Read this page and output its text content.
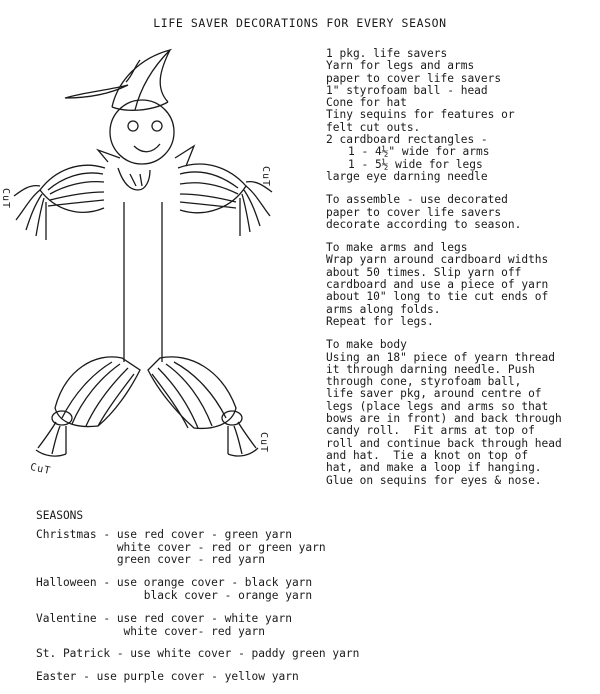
LIFE SAVER DECORATIONS FOR EVERY SEASON
CuT
CuT
CuT
CuT
1 pkg. life savers
Yarn for legs and arms
paper to cover life savers
1" styrofoam ball - head
Cone for hat
Tiny sequins for features or
felt cut outs.
2 cardboard rectangles -
1 - 4½" wide for arms
1 - 5½ wide for legs
large eye darning needle
To assemble - use decorated
paper to cover life savers
decorate according to season.
To make arms and legs
Wrap yarn around cardboard widths
about 50 times. Slip yarn off
cardboard and use a piece of yarn
about 10" long to tie cut ends of
arms along folds.
Repeat for legs.
To make body
Using an 18" piece of yearn thread
it through darning needle. Push
through cone, styrofoam ball,
life saver pkg, around centre of
legs (place legs and arms so that
bows are in front) and back through
candy roll.  Fit arms at top of
roll and continue back through head
and hat.  Tie a knot on top of
hat, and make a loop if hanging.
Glue on sequins for eyes & nose.
SEASONS
Christmas - use red cover - green yarn
white cover - red or green yarn
green cover - red yarn
Halloween - use orange cover - black yarn
black cover - orange yarn
Valentine - use red cover - white yarn
white cover- red yarn
St. Patrick - use white cover - paddy green yarn
Easter - use purple cover - yellow yarn
